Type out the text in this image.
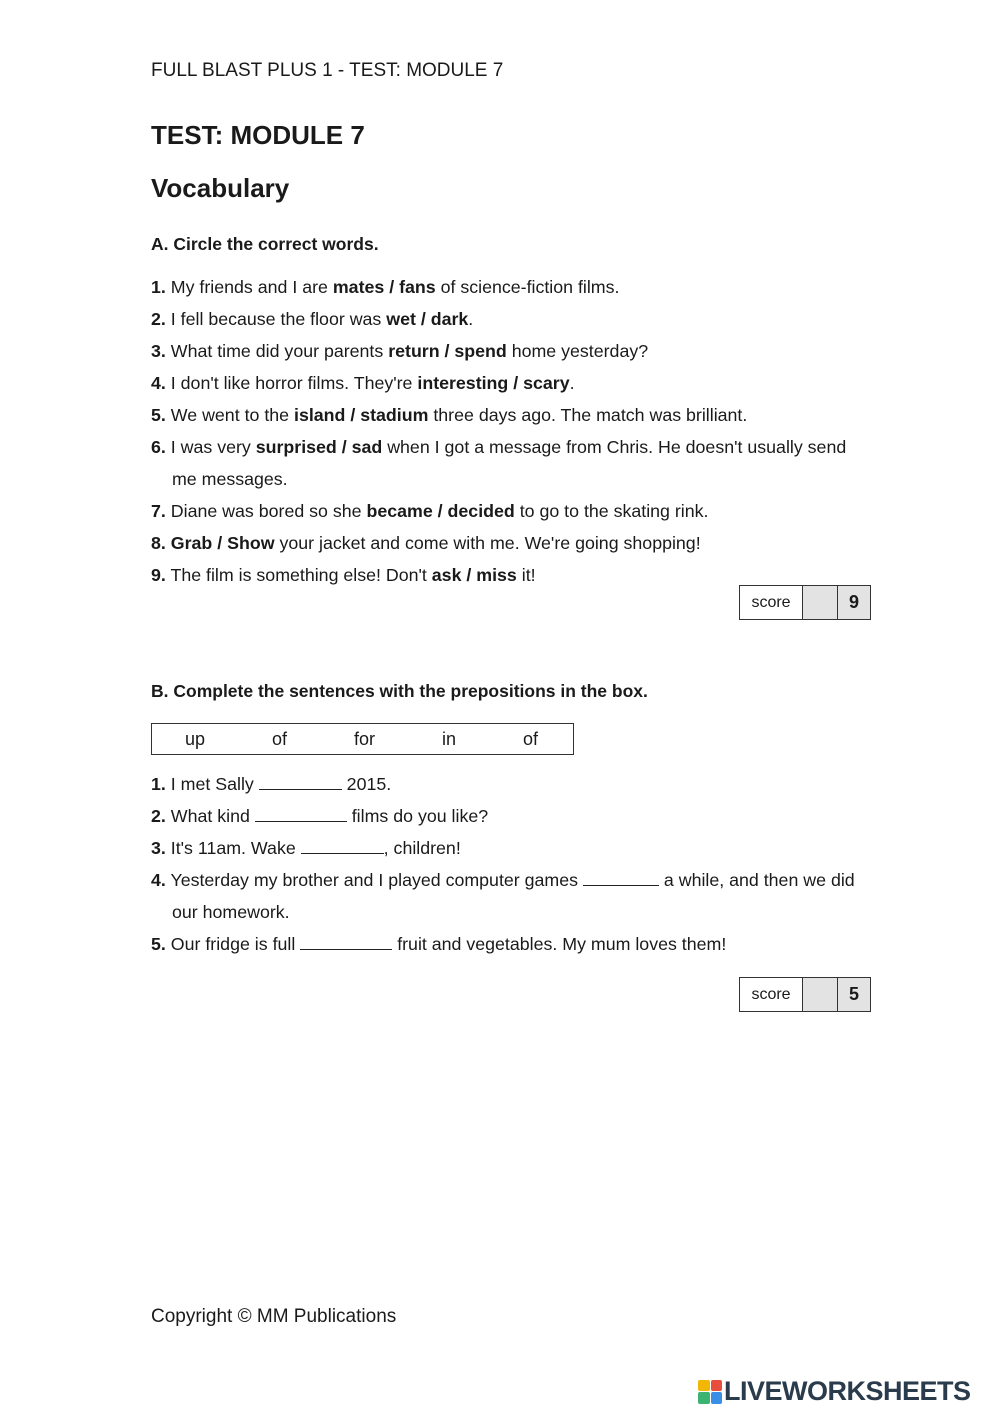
FULL BLAST PLUS 1 - TEST: MODULE 7
TEST: MODULE 7
Vocabulary
A. Circle the correct words.
1. My friends and I are mates / fans of science-fiction films.
2. I fell because the floor was wet / dark.
3. What time did your parents return / spend home yesterday?
4. I don't like horror films. They're interesting / scary.
5. We went to the island / stadium three days ago. The match was brilliant.
6. I was very surprised / sad when I got a message from Chris. He doesn't usually send me messages.
7. Diane was bored so she became / decided to go to the skating rink.
8. Grab / Show your jacket and come with me. We're going shopping!
9. The film is something else! Don't ask / miss it!
score	9
B. Complete the sentences with the prepositions in the box.
up	of	for	in	of
1. I met Sally	2015.
2. What kind	films do you like?
3. It's 11am. Wake	, children!
4. Yesterday my brother and I played computer games	a while, and then we did our homework.
5. Our fridge is full	fruit and vegetables. My mum loves them!
score	5
Copyright © MM Publications
LIVEWORKSHEETS
